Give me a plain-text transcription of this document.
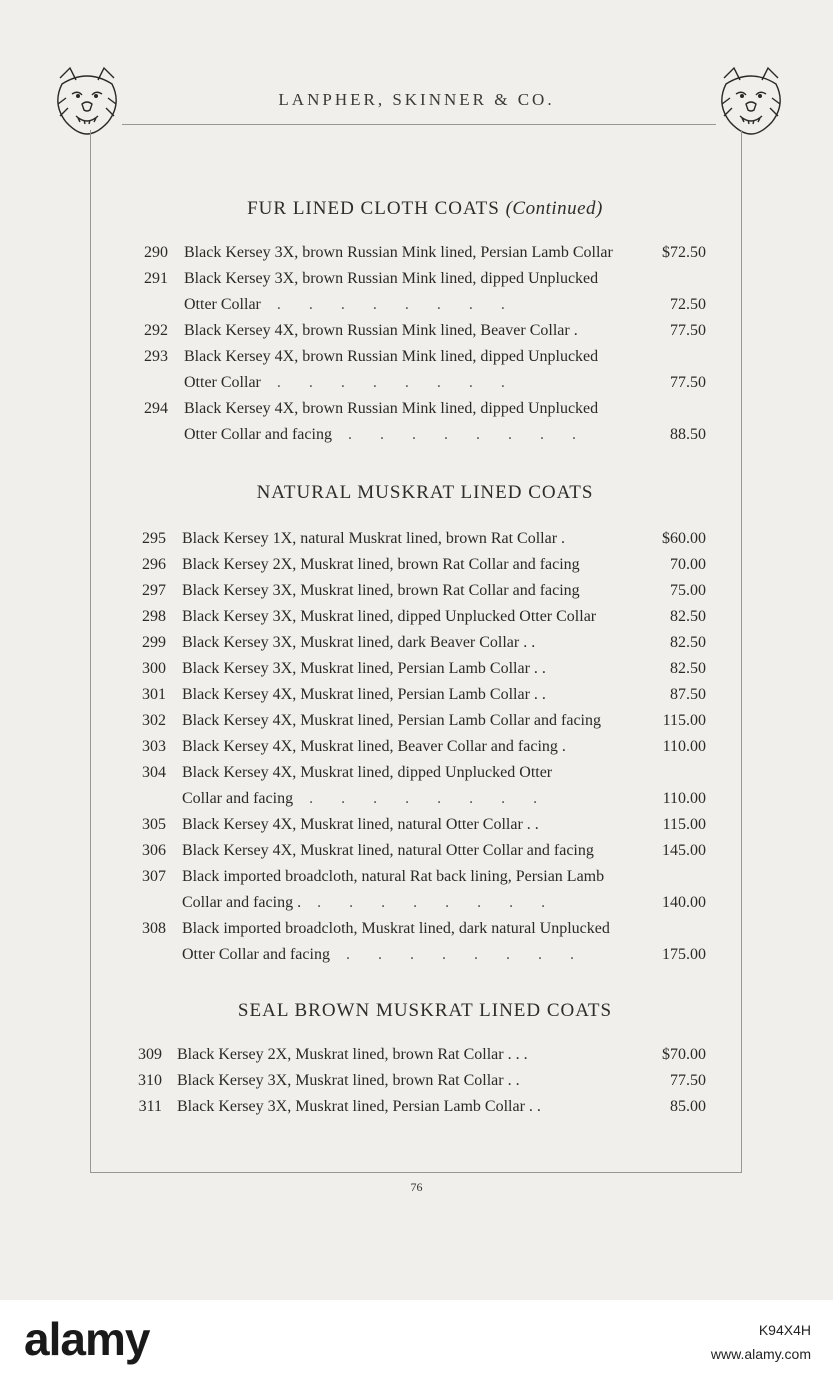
LANPHER, SKINNER & CO.
FUR LINED CLOTH COATS (Continued)
290 Black Kersey 3X, brown Russian Mink lined, Persian Lamb Collar	$72.50
291 Black Kersey 3X, brown Russian Mink lined, dipped Unplucked
Otter Collar . . . . . . . .	72.50
292 Black Kersey 4X, brown Russian Mink lined, Beaver Collar .	77.50
293 Black Kersey 4X, brown Russian Mink lined, dipped Unplucked
Otter Collar . . . . . . . .	77.50
294 Black Kersey 4X, brown Russian Mink lined, dipped Unplucked
Otter Collar and facing . . . . . . . .	88.50
NATURAL MUSKRAT LINED COATS
295 Black Kersey 1X, natural Muskrat lined, brown Rat Collar .	$60.00
296 Black Kersey 2X, Muskrat lined, brown Rat Collar and facing	70.00
297 Black Kersey 3X, Muskrat lined, brown Rat Collar and facing	75.00
298 Black Kersey 3X, Muskrat lined, dipped Unplucked Otter Collar	82.50
299 Black Kersey 3X, Muskrat lined, dark Beaver Collar . .	82.50
300 Black Kersey 3X, Muskrat lined, Persian Lamb Collar . .	82.50
301 Black Kersey 4X, Muskrat lined, Persian Lamb Collar . .	87.50
302 Black Kersey 4X, Muskrat lined, Persian Lamb Collar and facing	115.00
303 Black Kersey 4X, Muskrat lined, Beaver Collar and facing .	110.00
304 Black Kersey 4X, Muskrat lined, dipped Unplucked Otter
Collar and facing . . . . . . . .	110.00
305 Black Kersey 4X, Muskrat lined, natural Otter Collar . .	115.00
306 Black Kersey 4X, Muskrat lined, natural Otter Collar and facing	145.00
307 Black imported broadcloth, natural Rat back lining, Persian Lamb
Collar and facing . . . . . . . . .	140.00
308 Black imported broadcloth, Muskrat lined, dark natural Unplucked
Otter Collar and facing . . . . . . . .	175.00
SEAL BROWN MUSKRAT LINED COATS
309 Black Kersey 2X, Muskrat lined, brown Rat Collar . . .	$70.00
310 Black Kersey 3X, Muskrat lined, brown Rat Collar . .	77.50
311 Black Kersey 3X, Muskrat lined, Persian Lamb Collar . .	85.00
76
alamy	K94X4H
www.alamy.com
